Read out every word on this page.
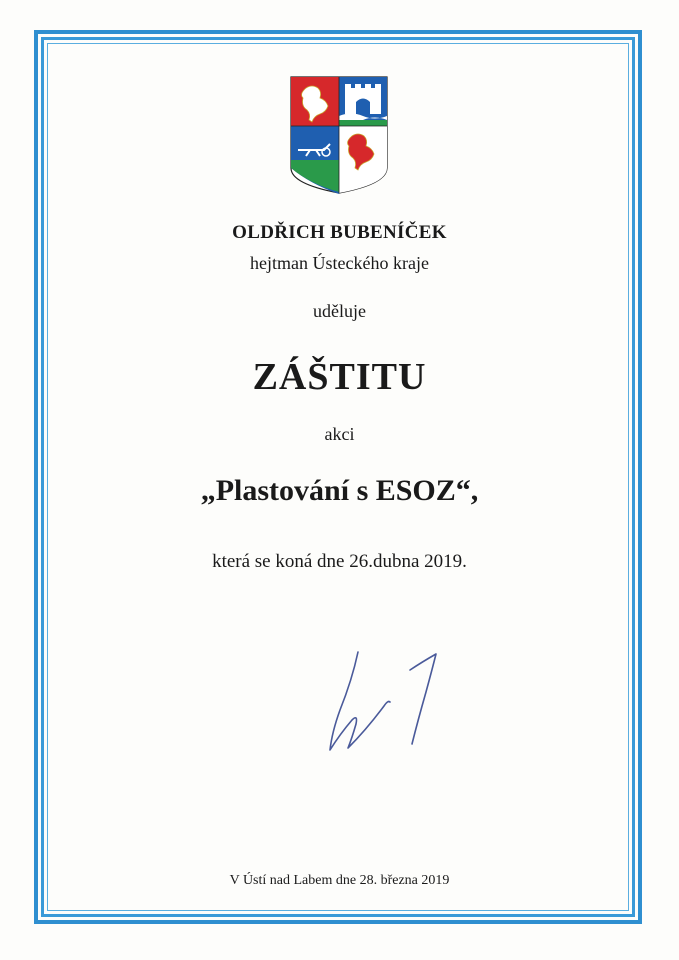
OLDŘICH BUBENÍČEK
hejtman Ústeckého kraje
uděluje
ZÁŠTITU
akci
„Plastování s ESOZ“,
která se koná dne 26.dubna 2019.
V Ústí nad Labem dne 28. března 2019
